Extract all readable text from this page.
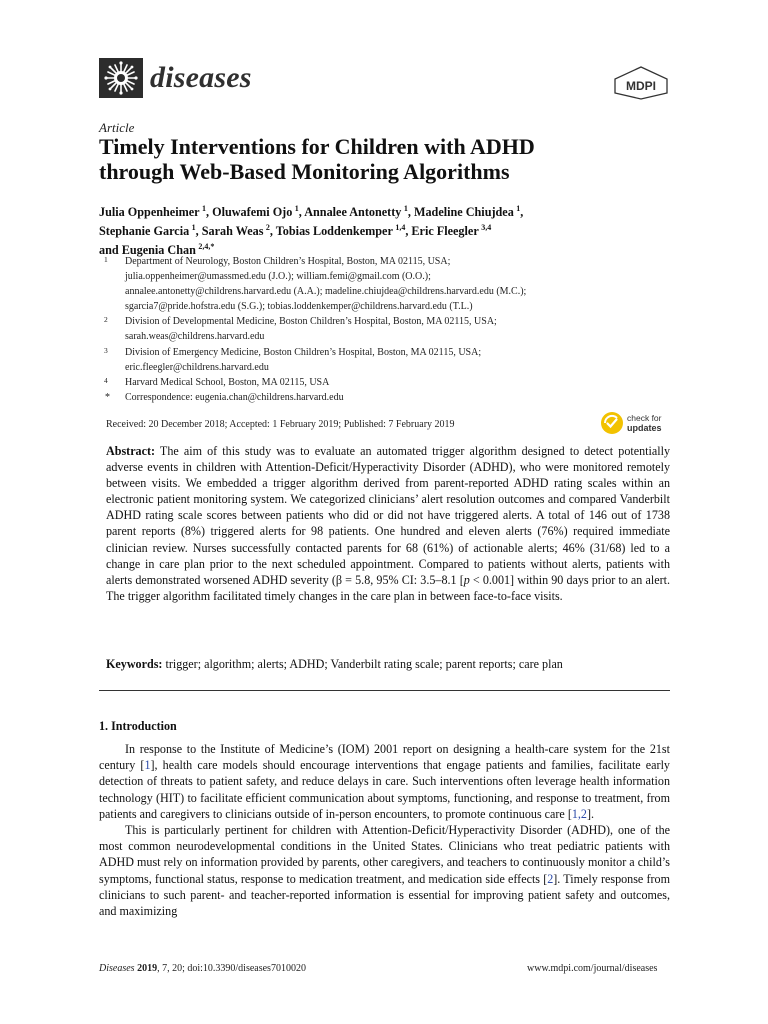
diseases	MDPI
Article
Timely Interventions for Children with ADHD
through Web-Based Monitoring Algorithms
Julia Oppenheimer  $^1$, Oluwafemi Ojo  $^1$, Annalee Antonetty  $^1$, Madeline Chiujdea  $^1$,
Stephanie Garcia  $^1$, Sarah Weas  $^2$, Tobias Loddenkemper  $^{1,4}$, Eric Fleegler  $^{3,4}$
and Eugenia Chan  $^{2,4,*}$
1 Department of Neurology, Boston Children’s Hospital, Boston, MA 02115, USA;
julia.oppenheimer@umassmed.edu (J.O.); william.femi@gmail.com (O.O.);
annalee.antonetty@childrens.harvard.edu (A.A.); madeline.chiujdea@childrens.harvard.edu (M.C.);
sgarcia7@pride.hofstra.edu (S.G.); tobias.loddenkemper@childrens.harvard.edu (T.L.)
2 Division of Developmental Medicine, Boston Children’s Hospital, Boston, MA 02115, USA;
sarah.weas@childrens.harvard.edu
3 Division of Emergency Medicine, Boston Children’s Hospital, Boston, MA 02115, USA;
eric.fleegler@childrens.harvard.edu
4 Harvard Medical School, Boston, MA 02115, USA
* Correspondence: eugenia.chan@childrens.harvard.edu
Received: 20 December 2018; Accepted: 1 February 2019; Published: 7 February 2019
check for
updates

Abstract: The aim of this study was to evaluate an automated trigger algorithm designed to detect potentially adverse events in children with Attention-Deficit/Hyperactivity Disorder (ADHD), who were monitored remotely between visits. We embedded a trigger algorithm derived from parent-reported ADHD rating scales within an electronic patient monitoring system. We categorized clinicians’ alert resolution outcomes and compared Vanderbilt ADHD rating scale scores between patients who did or did not have triggered alerts. A total of 146 out of 1738 parent reports (8%) triggered alerts for 98 patients. One hundred and eleven alerts (76%) required immediate clinician review. Nurses successfully contacted parents for 68 (61%) of actionable alerts; 46% (31/68) led to a change in care plan prior to the next scheduled appointment. Compared to patients without alerts, patients with alerts demonstrated worsened ADHD severity (β = 5.8, 95% CI: 3.5–8.1 [p < 0.001] within 90 days prior to an alert. The trigger algorithm facilitated timely changes in the care plan in between face-to-face visits.

Keywords: trigger; algorithm; alerts; ADHD; Vanderbilt rating scale; parent reports; care plan

1. Introduction

In response to the Institute of Medicine’s (IOM) 2001 report on designing a health-care system for the 21st century [1], health care models should encourage interventions that engage patients and families, facilitate early detection of threats to patient safety, and reduce delays in care. Such interventions often leverage health information technology (HIT) to facilitate efficient communication about symptoms, functioning, and response to treatment, from patients and caregivers to clinicians outside of in-person encounters, to promote continuous care [1,2].

This is particularly pertinent for children with Attention-Deficit/Hyperactivity Disorder (ADHD), one of the most common neurodevelopmental conditions in the United States. Clinicians who treat pediatric patients with ADHD must rely on information provided by parents, other caregivers, and teachers to continuously monitor a child’s symptoms, functional status, response to medication treatment, and medication side effects [2]. Timely response from clinicians to such parent- and teacher-reported information is essential for improving patient safety and outcomes, and maximizing

Diseases 2019, 7, 20; doi:10.3390/diseases7010020	www.mdpi.com/journal/diseases
